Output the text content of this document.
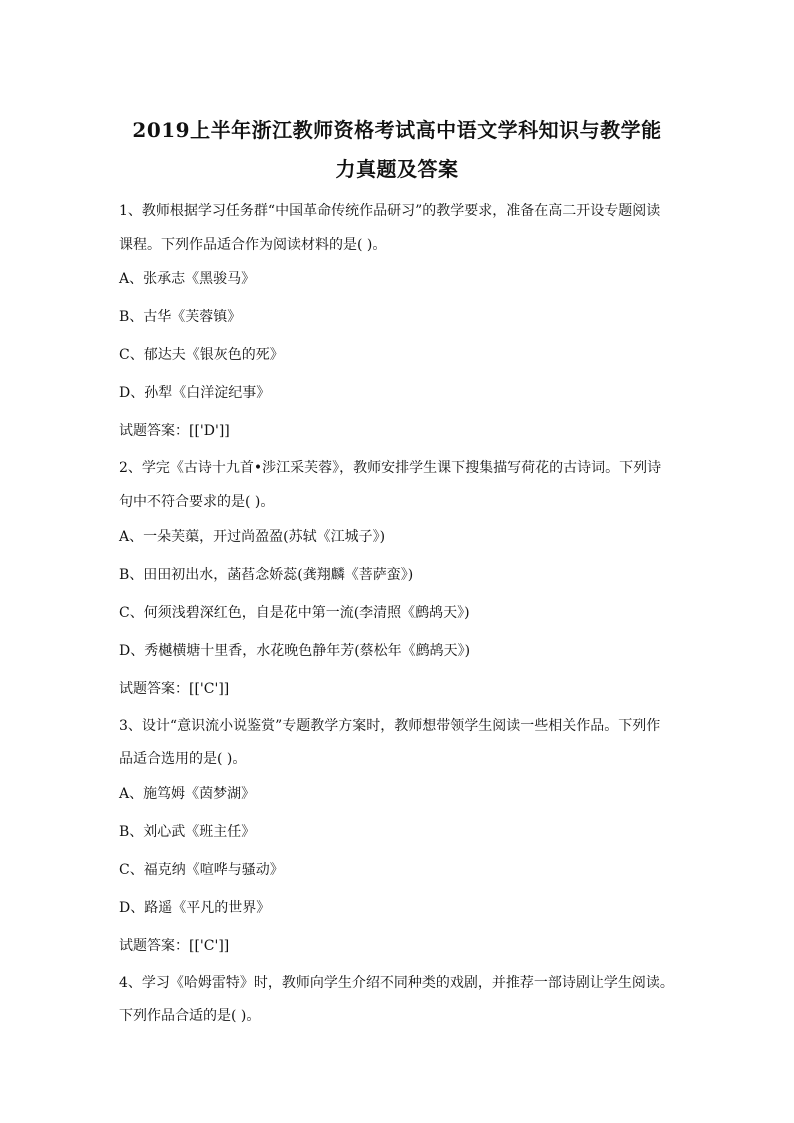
2019上半年浙江教师资格考试高中语文学科知识与教学能
力真题及答案
1、教师根据学习任务群“中国革命传统作品研习”的教学要求，准备在高二开设专题阅读
课程。下列作品适合作为阅读材料的是( )。
A、张承志《黑骏马》
B、古华《芙蓉镇》
C、郁达夫《银灰色的死》
D、孙犁《白洋淀纪事》
试题答案：[['D']]
2、学完《古诗十九首•涉江采芙蓉》，教师安排学生课下搜集描写荷花的古诗词。下列诗
句中不符合要求的是( )。
A、一朵芙蕖，开过尚盈盈(苏轼《江城子》)
B、田田初出水，菡萏念娇蕊(龚翔麟《菩萨蛮》)
C、何须浅碧深红色，自是花中第一流(李清照《鹧鸪天》)
D、秀樾横塘十里香，水花晚色静年芳(蔡松年《鹧鸪天》)
试题答案：[['C']]
3、设计“意识流小说鉴赏”专题教学方案时，教师想带领学生阅读一些相关作品。下列作
品适合选用的是( )。
A、施笃姆《茵梦湖》
B、刘心武《班主任》
C、福克纳《喧哗与骚动》
D、路遥《平凡的世界》
试题答案：[['C']]
4、学习《哈姆雷特》时，教师向学生介绍不同种类的戏剧，并推荐一部诗剧让学生阅读。
下列作品合适的是( )。
